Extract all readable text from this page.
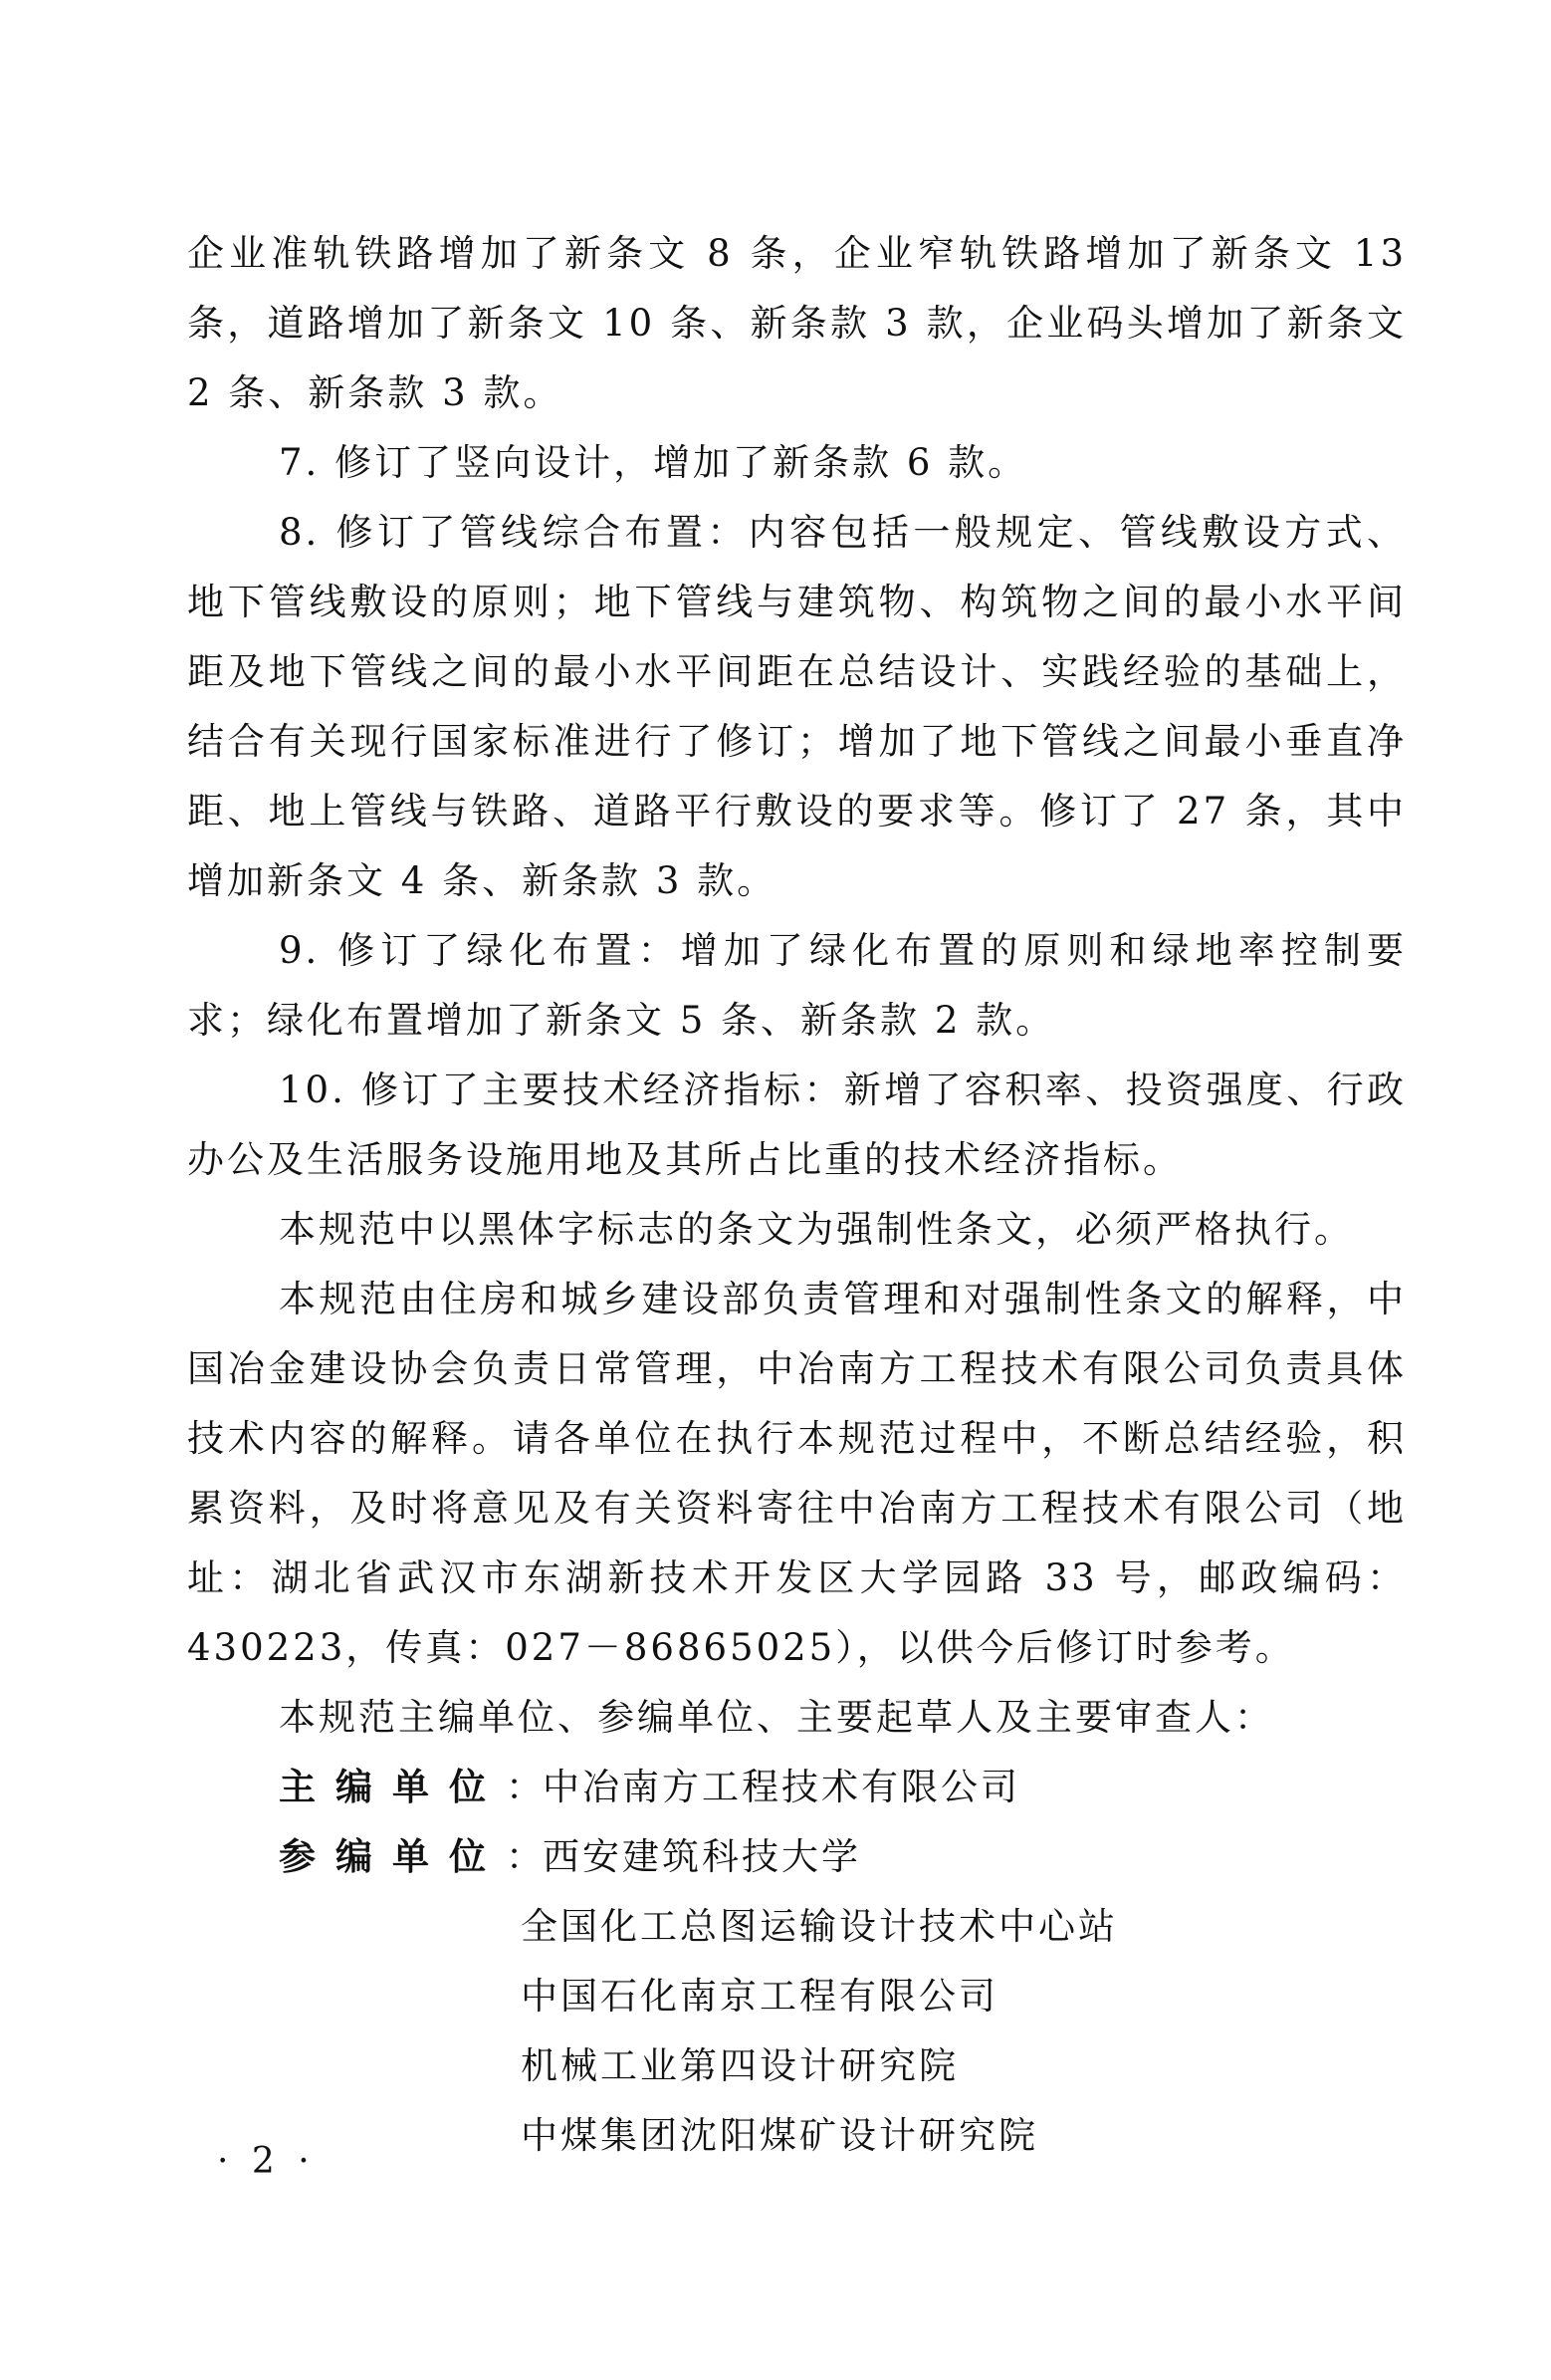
企业准轨铁路增加了新条文 8 条，企业窄轨铁路增加了新条文 13 条，道路增加了新条文 10 条、新条款 3 款，企业码头增加了新条文 2 条、新条款 3 款。

7. 修订了竖向设计，增加了新条款 6 款。

8. 修订了管线综合布置：内容包括一般规定、管线敷设方式、地下管线敷设的原则；地下管线与建筑物、构筑物之间的最小水平间距及地下管线之间的最小水平间距在总结设计、实践经验的基础上，结合有关现行国家标准进行了修订；增加了地下管线之间最小垂直净距、地上管线与铁路、道路平行敷设的要求等。修订了 27 条，其中增加新条文 4 条、新条款 3 款。

9. 修订了绿化布置：增加了绿化布置的原则和绿地率控制要求；绿化布置增加了新条文 5 条、新条款 2 款。

10. 修订了主要技术经济指标：新增了容积率、投资强度、行政办公及生活服务设施用地及其所占比重的技术经济指标。

本规范中以黑体字标志的条文为强制性条文，必须严格执行。

本规范由住房和城乡建设部负责管理和对强制性条文的解释，中国冶金建设协会负责日常管理，中冶南方工程技术有限公司负责具体技术内容的解释。请各单位在执行本规范过程中，不断总结经验，积累资料，及时将意见及有关资料寄往中冶南方工程技术有限公司（地址：湖北省武汉市东湖新技术开发区大学园路 33 号，邮政编码：430223，传真：027－86865025），以供今后修订时参考。

本规范主编单位、参编单位、主要起草人及主要审查人：

主编单位 ： 中冶南方工程技术有限公司
参编单位 ： 西安建筑科技大学

全国化工总图运输设计技术中心站

中国石化南京工程有限公司

机械工业第四设计研究院

中煤集团沈阳煤矿设计研究院

· 2 ·
